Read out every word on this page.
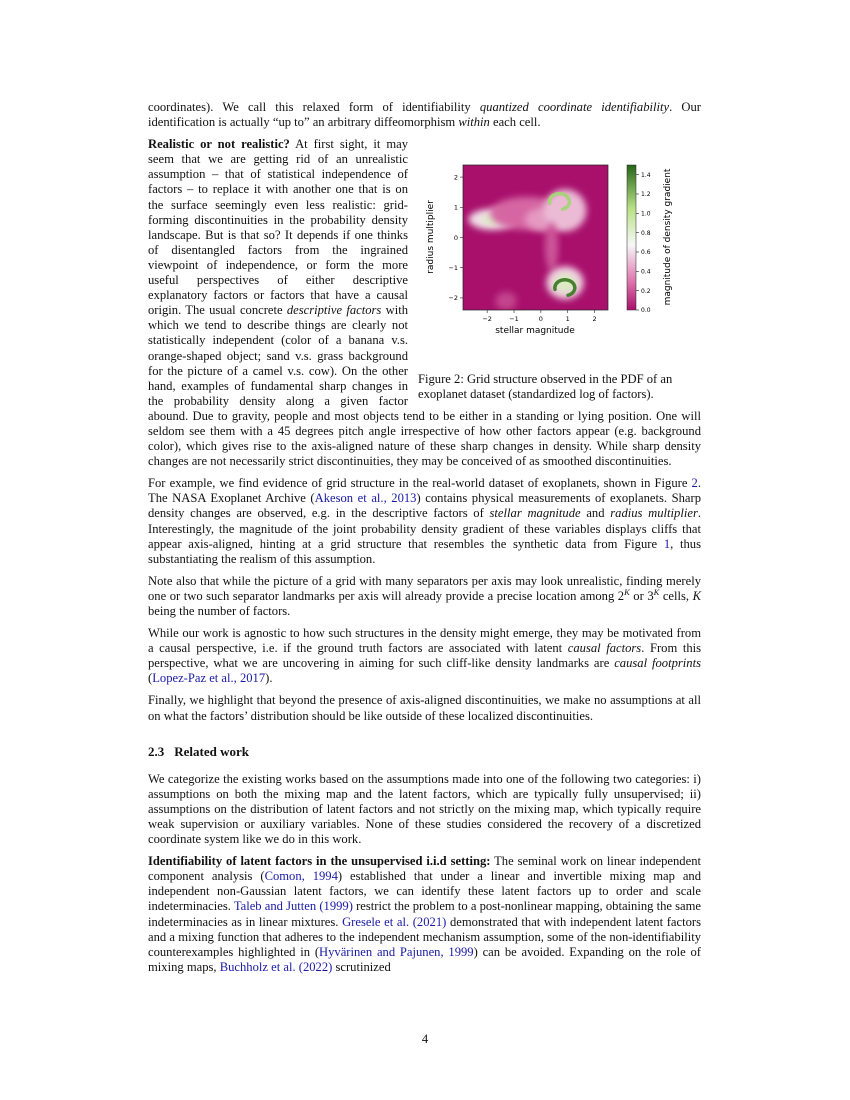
coordinates). We call this relaxed form of identifiability quantized coordinate identifiability. Our identification is actually “up to” an arbitrary diffeomorphism within each cell.

−2	−1	0	1	2
2
1
0
−1
−2
stellar magnitude
radius multiplier
1.4
1.2
1.0
0.8
0.6
0.4
0.2
0.0
magnitude of density gradient
Figure 2: Grid structure observed in the PDF of an exoplanet dataset (standardized log of factors).

Realistic or not realistic? At first sight, it may seem that we are getting rid of an unrealistic assumption – that of statistical independence of factors – to replace it with another one that is on the surface seemingly even less realistic: grid-forming discontinuities in the probability density landscape. But is that so? It depends if one thinks of disentangled factors from the ingrained viewpoint of independence, or form the more useful perspectives of either descriptive explanatory factors or factors that have a causal origin. The usual concrete descriptive factors with which we tend to describe things are clearly not statistically independent (color of a banana v.s. orange-shaped object; sand v.s. grass background for the picture of a camel v.s. cow). On the other hand, examples of fundamental sharp changes in the probability density along a given factor abound. Due to gravity, people and most objects tend to be either in a standing or lying position. One will seldom see them with a 45 degrees pitch angle irrespective of how other factors appear (e.g. background color), which gives rise to the axis-aligned nature of these sharp changes in density. While sharp density changes are not necessarily strict discontinuities, they may be conceived of as smoothed discontinuities.

For example, we find evidence of grid structure in the real-world dataset of exoplanets, shown in Figure 2. The NASA Exoplanet Archive (Akeson et al., 2013) contains physical measurements of exoplanets. Sharp density changes are observed, e.g. in the descriptive factors of stellar magnitude and radius multiplier. Interestingly, the magnitude of the joint probability density gradient of these variables displays cliffs that appear axis-aligned, hinting at a grid structure that resembles the synthetic data from Figure 1, thus substantiating the realism of this assumption.

Note also that while the picture of a grid with many separators per axis may look unrealistic, finding merely one or two such separator landmarks per axis will already provide a precise location among $2^K$ or $3^K$ cells, K being the number of factors.

While our work is agnostic to how such structures in the density might emerge, they may be motivated from a causal perspective, i.e. if the ground truth factors are associated with latent causal factors. From this perspective, what we are uncovering in aiming for such cliff-like density landmarks are causal footprints (Lopez-Paz et al., 2017).

Finally, we highlight that beyond the presence of axis-aligned discontinuities, we make no assumptions at all on what the factors’ distribution should be like outside of these localized discontinuities.

2.3 Related work

We categorize the existing works based on the assumptions made into one of the following two categories: i) assumptions on both the mixing map and the latent factors, which are typically fully unsupervised; ii) assumptions on the distribution of latent factors and not strictly on the mixing map, which typically require weak supervision or auxiliary variables. None of these studies considered the recovery of a discretized coordinate system like we do in this work.

Identifiability of latent factors in the unsupervised i.i.d setting: The seminal work on linear independent component analysis (Comon, 1994) established that under a linear and invertible mixing map and independent non-Gaussian latent factors, we can identify these latent factors up to order and scale indeterminacies. Taleb and Jutten (1999) restrict the problem to a post-nonlinear mapping, obtaining the same indeterminacies as in linear mixtures. Gresele et al. (2021) demonstrated that with independent latent factors and a mixing function that adheres to the independent mechanism assumption, some of the non-identifiability counterexamples highlighted in (Hyvärinen and Pajunen, 1999) can be avoided. Expanding on the role of mixing maps, Buchholz et al. (2022) scrutinized

4
